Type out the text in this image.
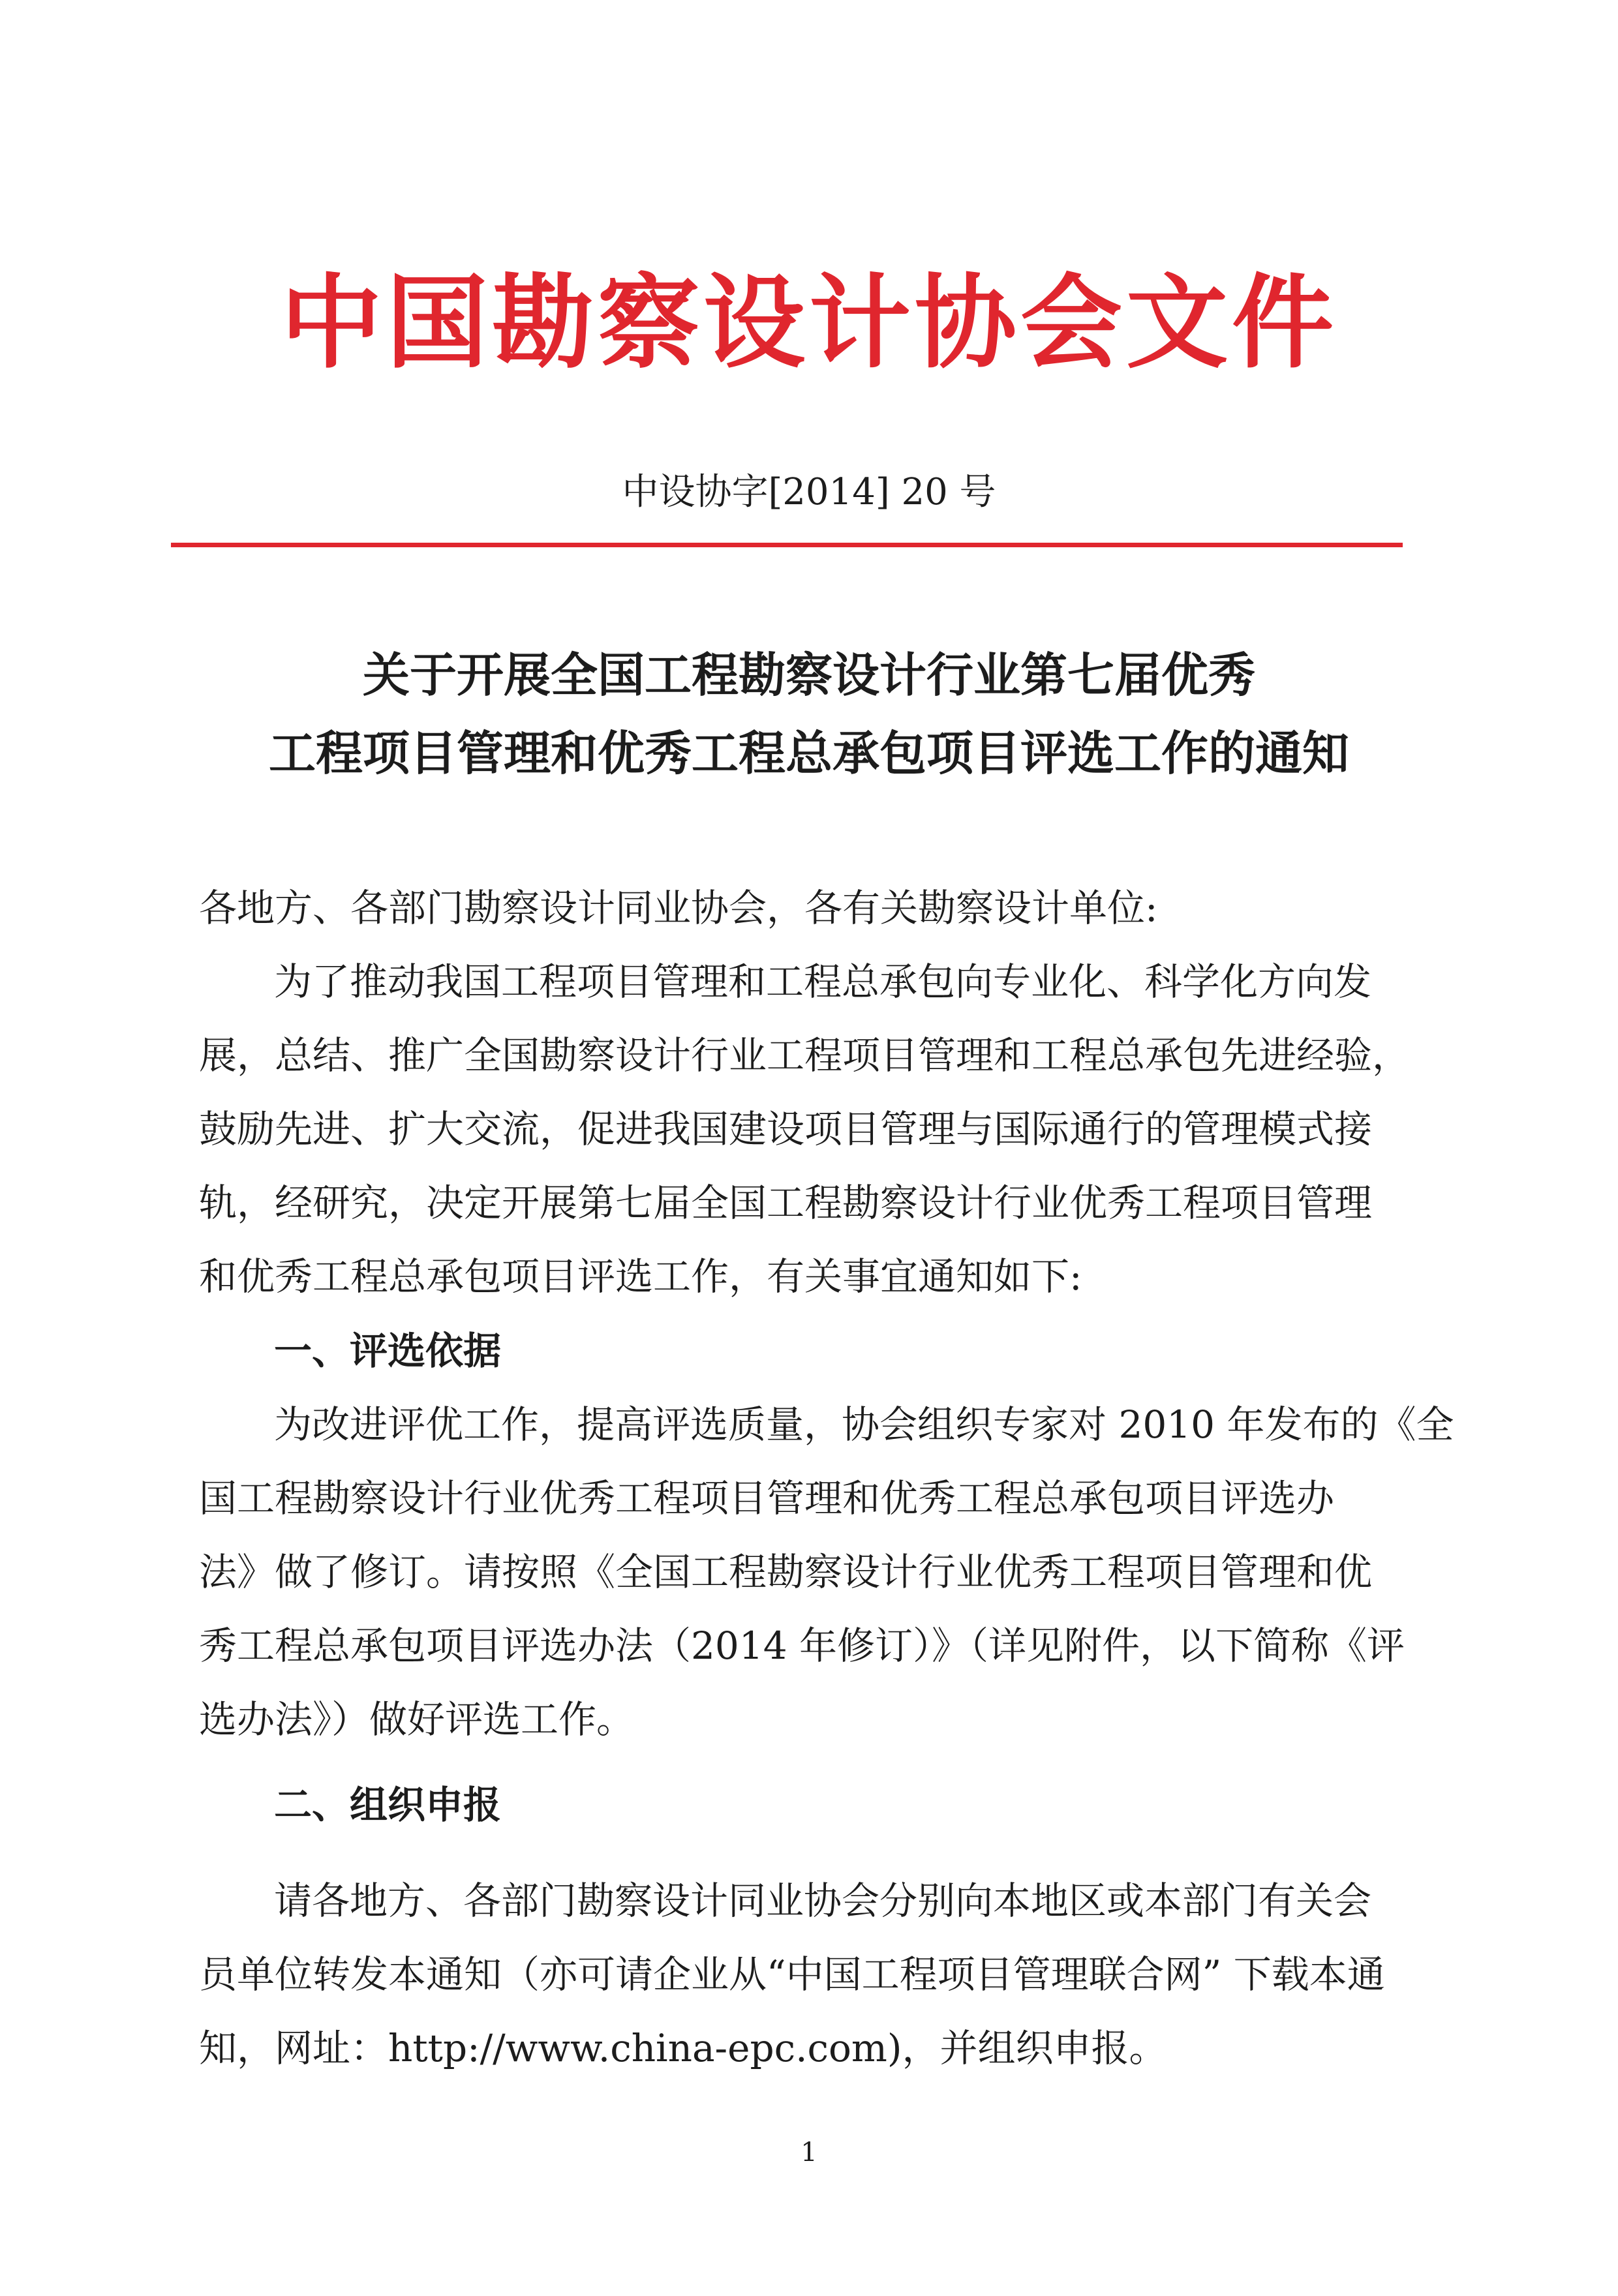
中国勘察设计协会文件
中设协字[2014] 20 号
关于开展全国工程勘察设计行业第七届优秀
工程项目管理和优秀工程总承包项目评选工作的通知
各地方、各部门勘察设计同业协会，各有关勘察设计单位:
为了推动我国工程项目管理和工程总承包向专业化、科学化方向发
展，总结、推广全国勘察设计行业工程项目管理和工程总承包先进经验，
鼓励先进、扩大交流，促进我国建设项目管理与国际通行的管理模式接
轨，经研究，决定开展第七届全国工程勘察设计行业优秀工程项目管理
和优秀工程总承包项目评选工作，有关事宜通知如下:
一、评选依据
为改进评优工作，提高评选质量，协会组织专家对 2010 年发布的《全
国工程勘察设计行业优秀工程项目管理和优秀工程总承包项目评选办
法》做了修订。请按照《全国工程勘察设计行业优秀工程项目管理和优
秀工程总承包项目评选办法（2014 年修订）》（详见附件，以下简称《评
选办法》）做好评选工作。
二、组织申报
请各地方、各部门勘察设计同业协会分别向本地区或本部门有关会
员单位转发本通知（亦可请企业从“中国工程项目管理联合网” 下载本通
知，网址：http://www.china-epc.com)，并组织申报。
1
